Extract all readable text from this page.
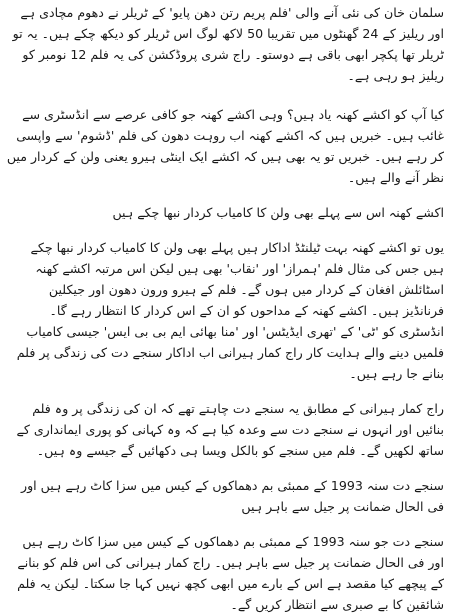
سلمان خان کی نئی آنے والی 'فلم پریم رتن دھن پایو' کے ٹریلر نے دھوم مچادی ہے اور ریلیز کے 24 گھنٹوں میں تقریبا 50 لاکھ لوگ اس ٹریلر کو دیکھ چکے ہیں۔ یہ تو ٹریلر تھا پکچر ابھی باقی ہے دوستو۔ راج شری پروڈکشن کی یہ فلم 12 نومبر کو ریلیز ہو رہی ہے۔

کیا آپ کو اکشے کھنہ یاد ہیں؟ وہی اکشے کھنہ جو کافی عرصے سے انڈسٹری سے غائب ہیں۔ خبریں ہیں کہ اکشے کھنہ اب روہت دھون کی فلم 'ڈشوم' سے واپسی کر رہے ہیں۔ خبریں تو یہ بھی ہیں کہ اکشے ایک اینٹی ہیرو یعنی ولن کے کردار میں نظر آنے والے ہیں۔

اکشے کھنہ اس سے پہلے بھی ولن کا کامیاب کردار نبھا چکے ہیں

یوں تو اکشے کھنہ بہت ٹیلنٹڈ اداکار ہیں پہلے بھی ولن کا کامیاب کردار نبھا چکے ہیں جس کی مثال فلم 'ہمراز' اور 'نقاب' بھی ہیں لیکن اس مرتبہ اکشے کھنہ اسٹائلش افغان کے کردار میں ہوں گے۔ فلم کے ہیرو ورون دھون اور جیکلین فرنانڈیز ہیں۔ اکشے کھنہ کے مداحوں کو ان کے اس کردار کا انتظار رہے گا۔ انڈسٹری کو 'ٹی' کے 'تھری ایڈیٹس' اور 'منا بھائی ایم بی بی ایس' جیسی کامیاب فلمیں دینے والے ہدایت کار راج کمار ہیرانی اب اداکار سنجے دت کی زندگی پر فلم بنانے جا رہے ہیں۔

راج کمار ہیرانی کے مطابق یہ سنجے دت چاہتے تھے کہ ان کی زندگی پر وہ فلم بنائیں اور انہوں نے سنجے دت سے وعدہ کیا ہے کہ وہ کہانی کو پوری ایمانداری کے ساتھ لکھیں گے۔ فلم میں سنجے کو بالکل ویسا ہی دکھائیں گے جیسے وہ ہیں۔

سنجے دت سنہ 1993 کے ممبئی بم دھماکوں کے کیس میں سزا کاٹ رہے ہیں اور فی الحال ضمانت پر جیل سے باہر ہیں

سنجے دت جو سنہ 1993 کے ممبئی بم دھماکوں کے کیس میں سزا کاٹ رہے ہیں اور فی الحال ضمانت پر جیل سے باہر ہیں۔ راج کمار ہیرانی کی اس فلم کو بنانے کے پیچھے کیا مقصد ہے اس کے بارے میں ابھی کچھ نہیں کہا جا سکتا۔ لیکن یہ فلم شائقین کا بے صبری سے انتظار کریں گے۔
